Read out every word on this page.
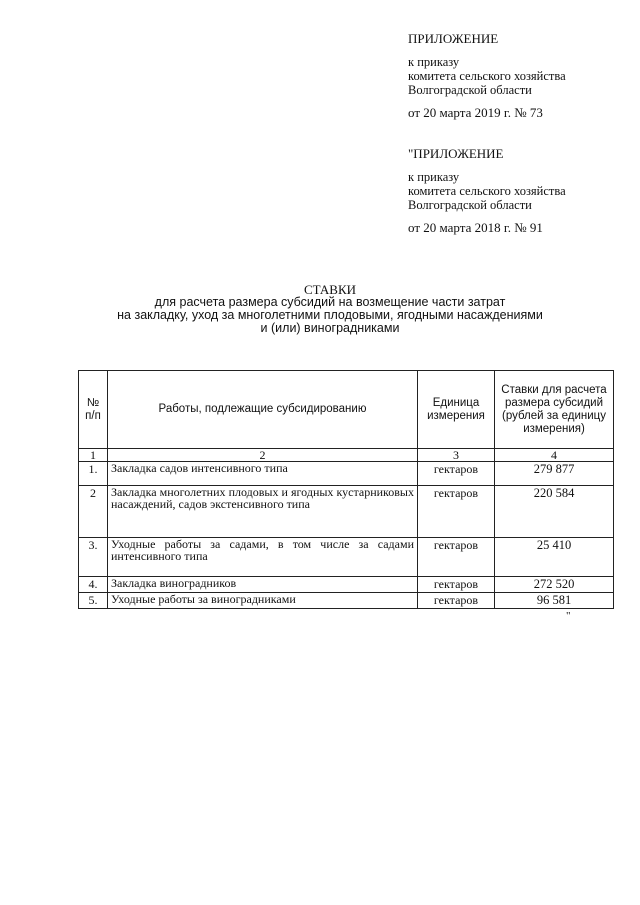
ПРИЛОЖЕНИЕ
к приказу
комитета сельского хозяйства
Волгоградской области
от 20 марта 2019 г. № 73
"ПРИЛОЖЕНИЕ
к приказу
комитета сельского хозяйства
Волгоградской области
от 20 марта 2018 г. № 91
СТАВКИ
для расчета размера субсидий на возмещение части затрат
на закладку, уход за многолетними плодовыми, ягодными насаждениями
и (или) виноградниками
№ п/п	Работы, подлежащие субсидированию	Единица измерения	Ставки для расчета размера субсидий (рублей за единицу измерения)
1	2	3	4
1.	Закладка садов интенсивного типа	гектаров	279 877
2	Закладка многолетних плодовых и ягодных кустарниковых насаждений, садов экстенсивного типа	гектаров	220 584
3.	Уходные работы за садами, в том числе за садами интенсивного типа	гектаров	25 410
4.	Закладка виноградников	гектаров	272 520
5.	Уходные работы за виноградниками	гектаров	96 581
"
